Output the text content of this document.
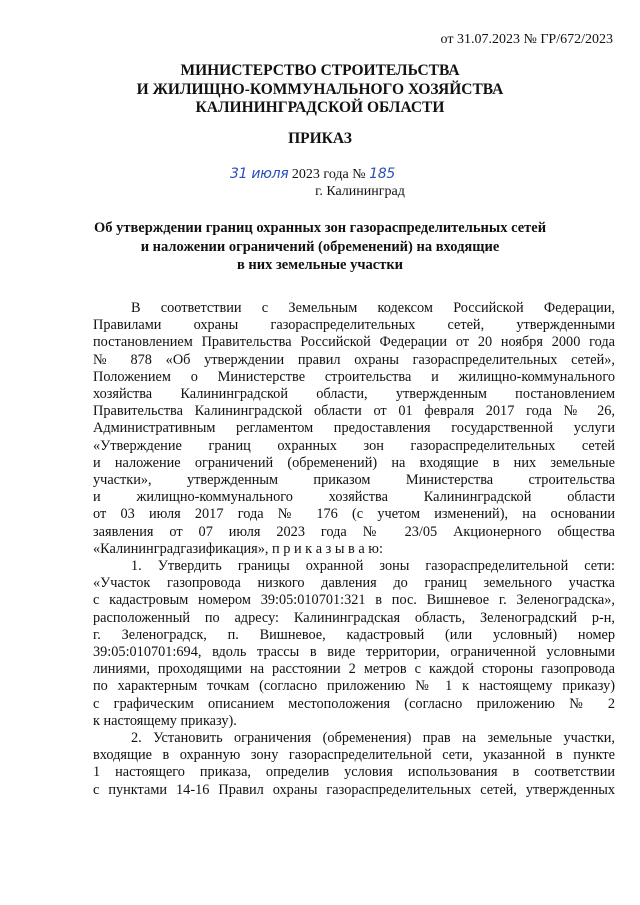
от 31.07.2023 № ГР/672/2023
МИНИСТЕРСТВО СТРОИТЕЛЬСТВА
И ЖИЛИЩНО-КОММУНАЛЬНОГО ХОЗЯЙСТВА
КАЛИНИНГРАДСКОЙ ОБЛАСТИ
ПРИКАЗ
31 июля 2023 года № 185
г. Калининград
Об утверждении границ охранных зон газораспределительных сетей
и наложении ограничений (обременений) на входящие
в них земельные участки

В соответствии с Земельным кодексом Российской Федерации,

Правилами охраны газораспределительных сетей, утвержденными

постановлением Правительства Российской Федерации от 20 ноября 2000 года

№ 878 «Об утверждении правил охраны газораспределительных сетей»,

Положением о Министерстве строительства и жилищно-коммунального

хозяйства Калининградской области, утвержденным постановлением

Правительства Калининградской области от 01 февраля 2017 года № 26,

Административным регламентом предоставления государственной услуги

«Утверждение границ охранных зон газораспределительных сетей

и наложение ограничений (обременений) на входящие в них земельные

участки», утвержденным приказом Министерства строительства

и жилищно-коммунального хозяйства Калининградской области

от 03 июля 2017 года № 176 (с учетом изменений), на основании

заявления от 07 июля 2023 года № 23/05 Акционерного общества

«Калининградгазификация», п р и к а з ы в а ю:

1. Утвердить границы охранной зоны газораспределительной сети:

«Участок газопровода низкого давления до границ земельного участка

с кадастровым номером 39:05:010701:321 в пос. Вишневое г. Зеленоградска»,

расположенный по адресу: Калининградская область, Зеленоградский р-н,

г. Зеленоградск, п. Вишневое, кадастровый (или условный) номер

39:05:010701:694, вдоль трассы в виде территории, ограниченной условными

линиями, проходящими на расстоянии 2 метров с каждой стороны газопровода

по характерным точкам (согласно приложению № 1 к настоящему приказу)

с графическим описанием местоположения (согласно приложению № 2

к настоящему приказу).

2. Установить ограничения (обременения) прав на земельные участки,

входящие в охранную зону газораспределительной сети, указанной в пункте

1 настоящего приказа, определив условия использования в соответствии

с пунктами 14-16 Правил охраны газораспределительных сетей, утвержденных
